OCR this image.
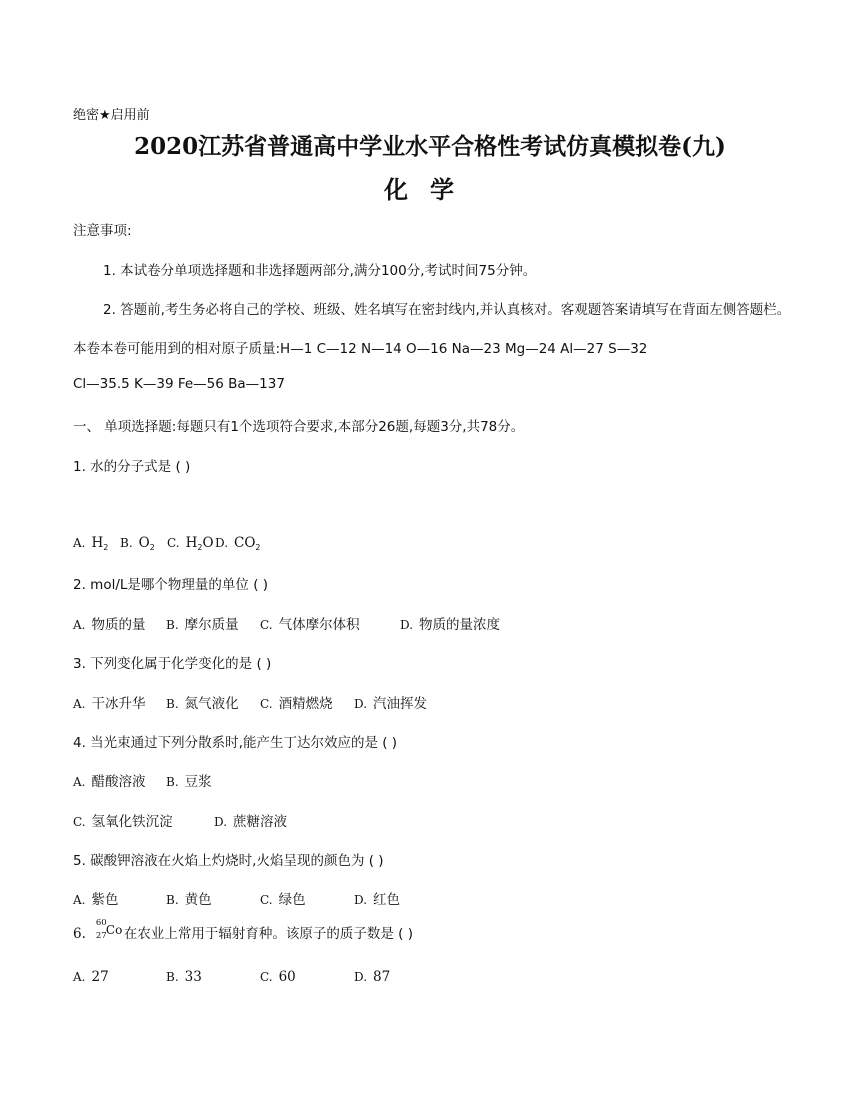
绝密★启用前
2020江苏省普通高中学业水平合格性考试仿真模拟卷(九)
化学
注意事项:
1. 本试卷分单项选择题和非选择题两部分,满分100分,考试时间75分钟。
2. 答题前,考生务必将自己的学校、班级、姓名填写在密封线内,并认真核对。客观题答案请填写在背面左侧答题栏。
本卷本卷可能用到的相对原子质量:H—1 C—12 N—14 O—16 Na—23 Mg—24 Al—27 S—32
Cl—35.5 K—39 Fe—56 Ba—137
一、 单项选择题:每题只有1个选项符合要求,本部分26题,每题3分,共78分。
1. 水的分子式是 ( )
A. $H_2$ B. $O_2$ C. $H_2O$ D. $CO_2$
2. mol/L是哪个物理量的单位 ( )
A. 物质的量 B. 摩尔质量 C. 气体摩尔体积	D. 物质的量浓度
3. 下列变化属于化学变化的是 ( )
A. 干冰升华 B. 氮气液化 C. 酒精燃烧 D. 汽油挥发
4. 当光束通过下列分散系时,能产生丁达尔效应的是 ( )
A. 醋酸溶液 B. 豆浆
C. 氢氧化铁沉淀	D. 蔗糖溶液
5. 碳酸钾溶液在火焰上灼烧时,火焰呈现的颜色为 ( )
A. 紫色	B. 黄色	C. 绿色	D. 红色
6.
60
27 Co 在农业上常用于辐射育种。该原子的质子数是 ( )
A. 27	B. 33	C. 60	D. 87
